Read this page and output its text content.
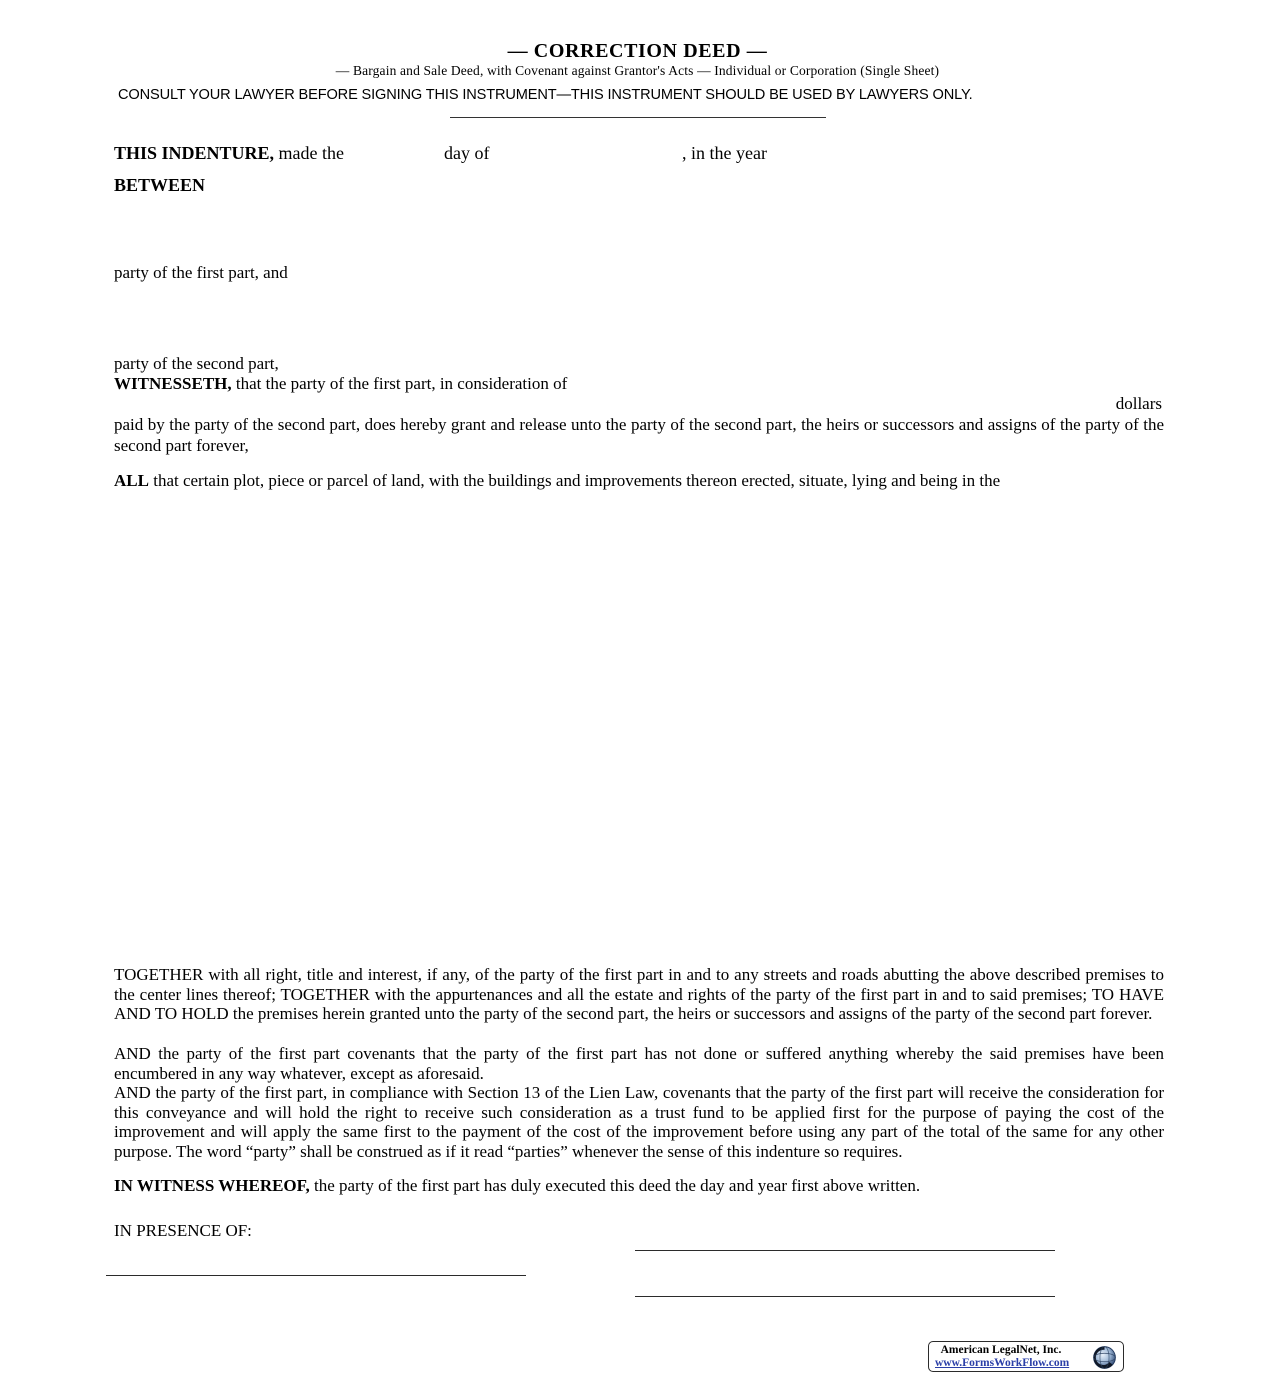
— CORRECTION DEED —
— Bargain and Sale Deed, with Covenant against Grantor's Acts — Individual or Corporation (Single Sheet)
CONSULT YOUR LAWYER BEFORE SIGNING THIS INSTRUMENT—THIS INSTRUMENT SHOULD BE USED BY LAWYERS ONLY.
THIS INDENTURE, made the	day of	, in the year
BETWEEN
party of the first part, and
party of the second part,
WITNESSETH, that the party of the first part, in consideration of
dollars
paid by the party of the second part, does hereby grant and release unto the party of the second part, the heirs or successors and assigns of the party of the second part forever,
ALL that certain plot, piece or parcel of land, with the buildings and improvements thereon erected, situate, lying and being in the
TOGETHER with all right, title and interest, if any, of the party of the first part in and to any streets and roads abutting the above described premises to the center lines thereof; TOGETHER with the appurtenances and all the estate and rights of the party of the first part in and to said premises; TO HAVE AND TO HOLD the premises herein granted unto the party of the second part, the heirs or successors and assigns of the party of the second part forever.
AND the party of the first part covenants that the party of the first part has not done or suffered anything whereby the said premises have been encumbered in any way whatever, except as aforesaid.
AND the party of the first part, in compliance with Section 13 of the Lien Law, covenants that the party of the first part will receive the consideration for this conveyance and will hold the right to receive such consideration as a trust fund to be applied first for the purpose of paying the cost of the improvement and will apply the same first to the payment of the cost of the improvement before using any part of the total of the same for any other purpose. The word “party” shall be construed as if it read “parties” whenever the sense of this indenture so requires.
IN WITNESS WHEREOF, the party of the first part has duly executed this deed the day and year first above written.
IN PRESENCE OF:
American LegalNet, Inc.
www.FormsWorkFlow.com
